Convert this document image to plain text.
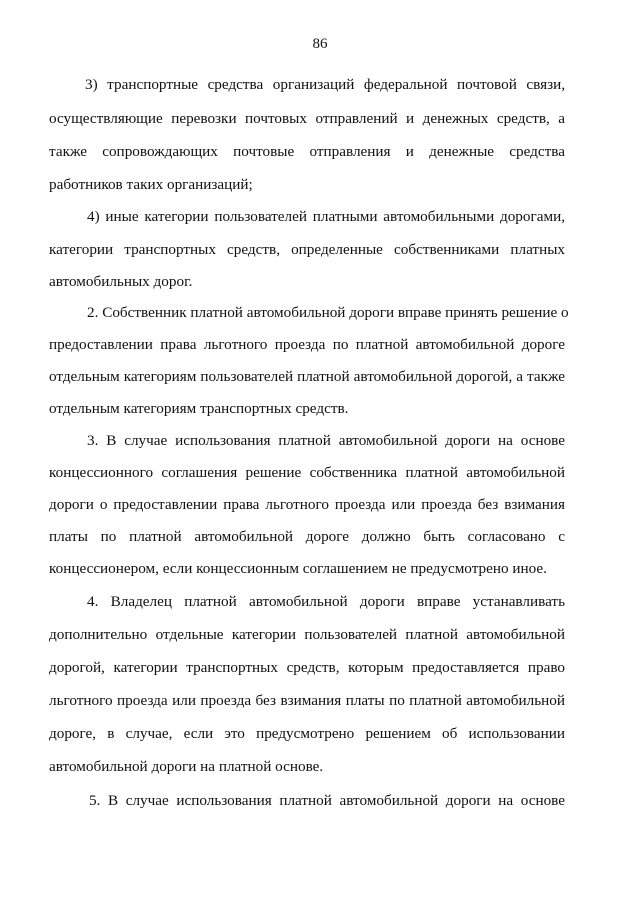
86
3) транспортные средства организаций федеральной почтовой связи,
осуществляющие перевозки почтовых отправлений и денежных средств, а
также сопровождающих почтовые отправления и денежные средства
работников таких организаций;
4) иные категории пользователей платными автомобильными дорогами,
категории транспортных средств, определенные собственниками платных
автомобильных дорог.
2. Собственник платной автомобильной дороги вправе принять решение о
предоставлении права льготного проезда по платной автомобильной дороге
отдельным категориям пользователей платной автомобильной дорогой, а также
отдельным категориям транспортных средств.
3. В случае использования платной автомобильной дороги на основе
концессионного соглашения решение собственника платной автомобильной
дороги о предоставлении права льготного проезда или проезда без взимания
платы по платной автомобильной дороге должно быть согласовано с
концессионером, если концессионным соглашением не предусмотрено иное.
4. Владелец платной автомобильной дороги вправе устанавливать
дополнительно отдельные категории пользователей платной автомобильной
дорогой, категории транспортных средств, которым предоставляется право
льготного проезда или проезда без взимания платы по платной автомобильной
дороге, в случае, если это предусмотрено решением об использовании
автомобильной дороги на платной основе.
5. В случае использования платной автомобильной дороги на основе
